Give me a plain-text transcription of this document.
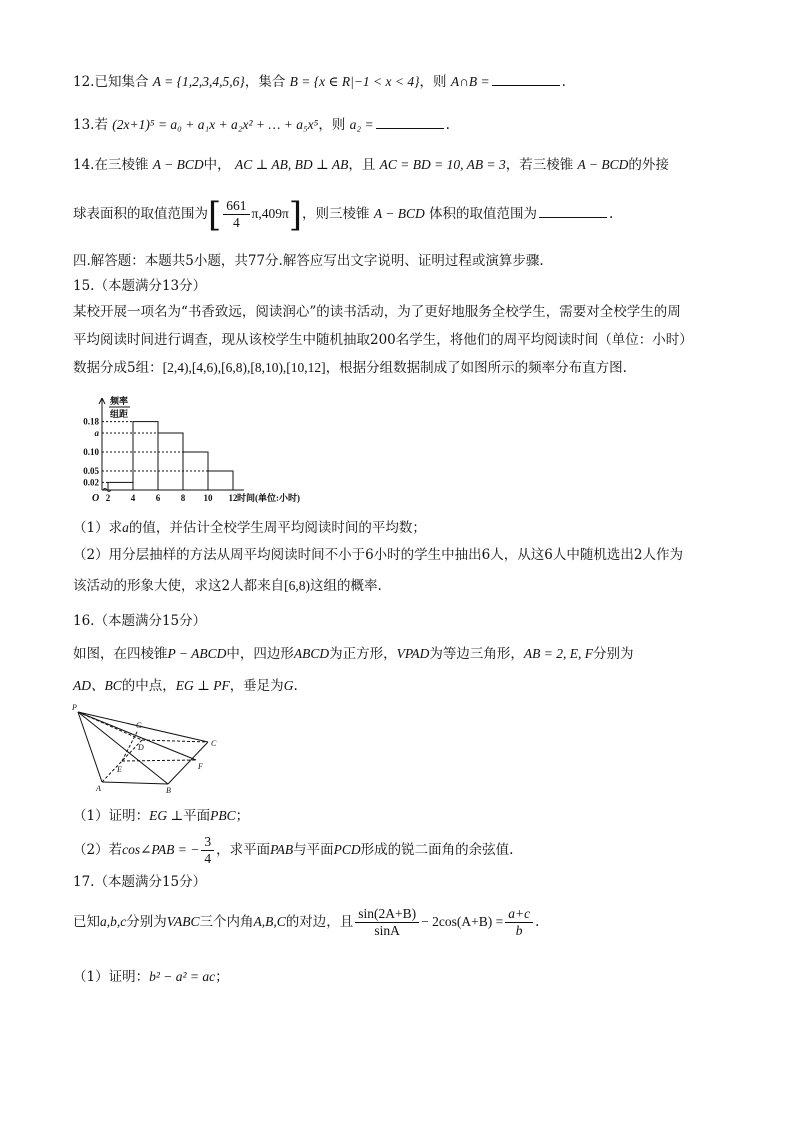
12.已知集合 A = {1,2,3,4,5,6}，集合 B = {x ∈ R|−1 < x < 4}，则 A∩B =	.
13.若 (2x+1)⁵ = a₀ + a₁x + a₂x² + … + a₅x⁵，则 a₂ =	.
14.在三棱锥 A − BCD中， AC ⊥ AB, BD ⊥ AB，且 AC = BD = 10, AB = 3，若三棱锥 A − BCD的外接
球表面积的取值范围为[ $\frac{661}{4} \pi,409\pi$]，则三棱锥 A − BCD 体积的取值范围为	.
四.解答题：本题共5小题，共77分.解答应写出文字说明、证明过程或演算步骤.
15.（本题满分13分）
某校开展一项名为“书香致远，阅读润心”的读书活动，为了更好地服务全校学生，需要对全校学生的周
平均阅读时间进行调查，现从该校学生中随机抽取200名学生，将他们的周平均阅读时间（单位：小时）
数据分成5组：[2,4),[4,6),[6,8),[8,10),[10,12]，根据分组数据制成了如图所示的频率分布直方图.
0.18
a
0.10
0.05
0.02
2 4 6 8 10 12
O
频率
组距
时间(单位:小时)
（1）求a的值，并估计全校学生周平均阅读时间的平均数；
（2）用分层抽样的方法从周平均阅读时间不小于6小时的学生中抽出6人，从这6人中随机选出2人作为
该活动的形象大使，求这2人都来自[6,8)这组的概率.
16.（本题满分15分）
如图，在四棱锥P − ABCD中，四边形ABCD为正方形，VPAD为等边三角形，AB = 2, E, F分别为
AD、BC的中点，EG ⊥ PF，垂足为G.
P
G
C
D
F
E
A	B
（1）证明：EG ⊥平面PBC；
（2）若cos∠PAB = − $\frac{3}{4}$ ，求平面PAB与平面PCD形成的锐二面角的余弦值.
17.（本题满分15分）
已知a,b,c分别为VABC三个内角A,B,C的对边，且 $\frac{\sin(2A+B)}{\sin A} - 2\cos(A+B) = \frac{a+c}{b}$ .
（1）证明：b² − a² = ac；
